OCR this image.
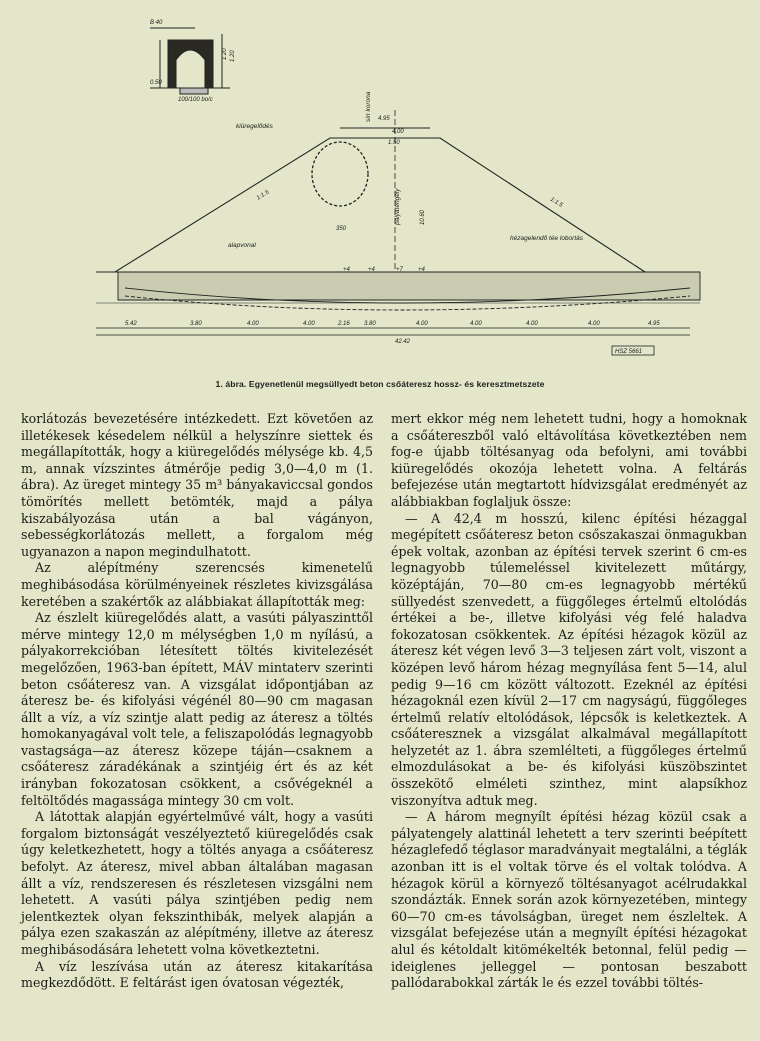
B 40
0.50
100/100 bo/c
1.20 1.20
kiüregelődés
sín korona
pályatengely
alapvonal
hézagelendő tée lobortás
4.95
4.00
1.50
10.60
1:1.5
1:1.5
350
+4	+4	+7	+4
5.42	3.80	4.00	4.00	2.16 3.80	4.00	4.00	4.00	4.00	4.95
42.42
HSZ 5661
1. ábra. Egyenetlenül megsüllyedt beton csőáteresz hossz- és keresztmetszete

korlátozás bevezetésére intézkedett. Ezt követően az illetékesek késedelem nélkül a helyszínre siettek és megállapították, hogy a kiüregelődés mélysége kb. 4,5 m, annak vízszintes átmérője pedig 3,0—4,0 m (1. ábra). Az üreget mintegy 35 m³ bányakaviccsal gondos tömörítés mellett betömték, majd a pálya kiszabályozása után a bal vágányon, sebességkorlátozás mellett, a forgalom még ugyanazon a napon megindulhatott.

Az alépítmény szerencsés kimenetelű meghibásodása körülményeinek részletes kivizsgálása keretében a szakértők az alábbiakat állapították meg:

Az észlelt kiüregelődés alatt, a vasúti pályaszinttől mérve mintegy 12,0 m mélységben 1,0 m nyílású, a pályakorrekcióban létesített töltés kivitelezését megelőzően, 1963-ban épített, MÁV mintaterv szerinti beton csőáteresz van. A vizsgálat időpontjában az áteresz be- és kifolyási végénél 80—90 cm magasan állt a víz, a víz szintje alatt pedig az áteresz a töltés homokanyagával volt tele, a feliszapolódás legnagyobb vastagsága—az áteresz közepe táján—csaknem a csőáteresz záradékának a szintjéig ért és az két irányban fokozatosan csökkent, a csővégeknél a feltöltődés magassága mintegy 30 cm volt.

A látottak alapján egyértelművé vált, hogy a vasúti forgalom biztonságát veszélyeztető kiüregelődés csak úgy keletkezhetett, hogy a töltés anyaga a csőáteresz befolyt. Az áteresz, mivel abban általában magasan állt a víz, rendszeresen és részletesen vizsgálni nem lehetett. A vasúti pálya szintjében pedig nem jelentkeztek olyan fekszinthibák, melyek alapján a pálya ezen szakaszán az alépítmény, illetve az áteresz meghibásodására lehetett volna következtetni.

A víz leszívása után az áteresz kitakarítása megkezdődött. E feltárást igen óvatosan végezték,

mert ekkor még nem lehetett tudni, hogy a homoknak a csőátereszből való eltávolítása következtében nem fog-e újabb töltésanyag oda befolyni, ami további kiüregelődés okozója lehetett volna. A feltárás befejezése után megtartott hídvizsgálat eredményét az alábbiakban foglaljuk össze:

— A 42,4 m hosszú, kilenc építési hézaggal megépített csőáteresz beton csőszakaszai önmagukban épek voltak, azonban az építési tervek szerint 6 cm-es legnagyobb túlemeléssel kivitelezett műtárgy, középtáján, 70—80 cm-es legnagyobb mértékű süllyedést szenvedett, a függőleges értelmű eltolódás értékei a be-, illetve kifolyási vég felé haladva fokozatosan csökkentek. Az építési hézagok közül az áteresz két végen levő 3—3 teljesen zárt volt, viszont a középen levő három hézag megnyílása fent 5—14, alul pedig 9—16 cm között változott. Ezeknél az építési hézagoknál ezen kívül 2—17 cm nagyságú, függőleges értelmű relatív eltolódások, lépcsők is keletkeztek. A csőáteresznek a vizsgálat alkalmával megállapított helyzetét az 1. ábra szemlélteti, a függőleges értelmű elmozdulásokat a be- és kifolyási küszöbszintet összekötő elméleti szinthez, mint alapsíkhoz viszonyítva adtuk meg.

— A három megnyílt építési hézag közül csak a pályatengely alattinál lehetett a terv szerinti beépített hézaglefedő téglasor maradványait megtalálni, a téglák azonban itt is el voltak törve és el voltak tolódva. A hézagok körül a környező töltésanyagot acélrudakkal szondázták. Ennek során azok környezetében, mintegy 60—70 cm-es távolságban, üreget nem észleltek. A vizsgálat befejezése után a megnyílt építési hézagokat alul és kétoldalt kitömékelték betonnal, felül pedig — ideiglenes jelleggel — pontosan beszabott pallódarabokkal zárták le és ezzel további töltés-
